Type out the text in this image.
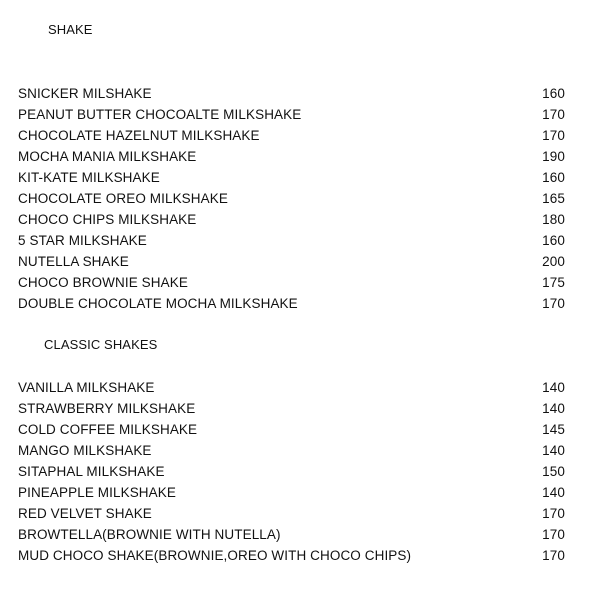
SHAKE
SNICKER MILSHAKE	160
PEANUT BUTTER CHOCOALTE MILKSHAKE	170
CHOCOLATE HAZELNUT MILKSHAKE	170
MOCHA MANIA MILKSHAKE	190
KIT-KATE MILKSHAKE	160
CHOCOLATE OREO MILKSHAKE	165
CHOCO CHIPS MILKSHAKE	180
5 STAR MILKSHAKE	160
NUTELLA SHAKE	200
CHOCO BROWNIE SHAKE	175
DOUBLE CHOCOLATE MOCHA MILKSHAKE	170
CLASSIC SHAKES
VANILLA MILKSHAKE	140
STRAWBERRY MILKSHAKE	140
COLD COFFEE MILKSHAKE	145
MANGO MILKSHAKE	140
SITAPHAL MILKSHAKE	150
PINEAPPLE MILKSHAKE	140
RED VELVET SHAKE	170
BROWTELLA(BROWNIE WITH NUTELLA)	170
MUD CHOCO SHAKE(BROWNIE,OREO WITH CHOCO CHIPS)	170
